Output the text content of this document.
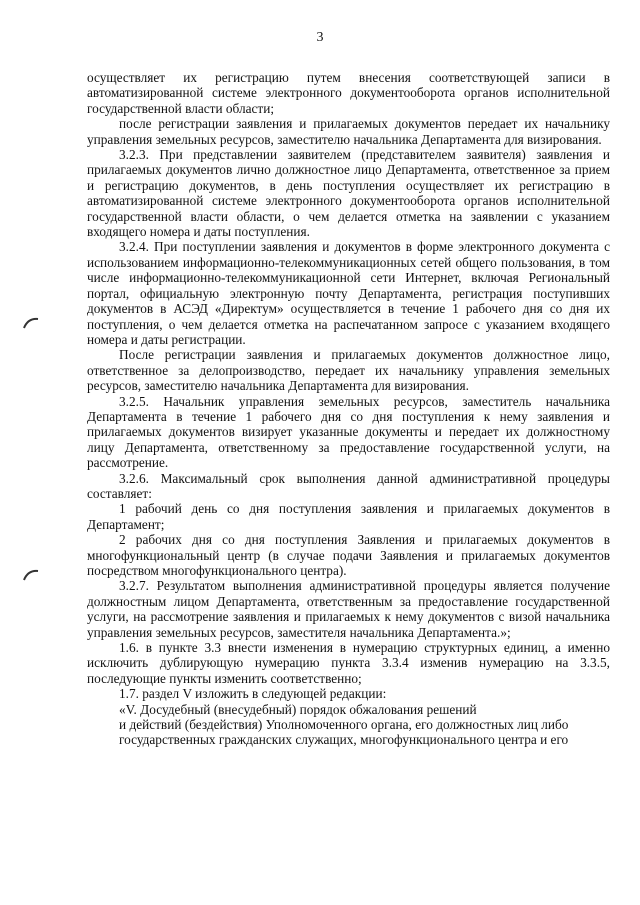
3

осуществляет их регистрацию путем внесения соответствующей записи в автоматизированной системе электронного документооборота органов исполнительной государственной власти области;

после регистрации заявления и прилагаемых документов передает их начальнику управления земельных ресурсов, заместителю начальника Департамента для визирования.

3.2.3. При представлении заявителем (представителем заявителя) заявления и прилагаемых документов лично должностное лицо Департамента, ответственное за прием и регистрацию документов, в день поступления осуществляет их регистрацию в автоматизированной системе электронного документооборота органов исполнительной государственной власти области, о чем делается отметка на заявлении с указанием входящего номера и даты поступления.

3.2.4. При поступлении заявления и документов в форме электронного документа с использованием информационно-телекоммуникационных сетей общего пользования, в том числе информационно-телекоммуникационной сети Интернет, включая Региональный портал, официальную электронную почту Департамента, регистрация поступивших документов в АСЭД «Директум» осуществляется в течение 1 рабочего дня со дня их поступления, о чем делается отметка на распечатанном запросе с указанием входящего номера и даты регистрации.

После регистрации заявления и прилагаемых документов должностное лицо, ответственное за делопроизводство, передает их начальнику управления земельных ресурсов, заместителю начальника Департамента для визирования.

3.2.5. Начальник управления земельных ресурсов, заместитель начальника Департамента в течение 1 рабочего дня со дня поступления к нему заявления и прилагаемых документов визирует указанные документы и передает их должностному лицу Департамента, ответственному за предоставление государственной услуги, на рассмотрение.

3.2.6. Максимальный срок выполнения данной административной процедуры составляет:

1 рабочий день со дня поступления заявления и прилагаемых документов в Департамент;

2 рабочих дня со дня поступления Заявления и прилагаемых документов в многофункциональный центр (в случае подачи Заявления и прилагаемых документов посредством многофункционального центра).

3.2.7. Результатом выполнения административной процедуры является получение должностным лицом Департамента, ответственным за предоставление государственной услуги, на рассмотрение заявления и прилагаемых к нему документов с визой начальника управления земельных ресурсов, заместителя начальника Департамента.»;

1.6. в пункте 3.3 внести изменения в нумерацию структурных единиц, а именно исключить дублирующую нумерацию пункта 3.3.4 изменив нумерацию на 3.3.5, последующие пункты изменить соответственно;

1.7. раздел V изложить в следующей редакции:

«V. Досудебный (внесудебный) порядок обжалования решений

и действий (бездействия) Уполномоченного органа, его должностных лиц либо

государственных гражданских служащих, многофункционального центра и его
